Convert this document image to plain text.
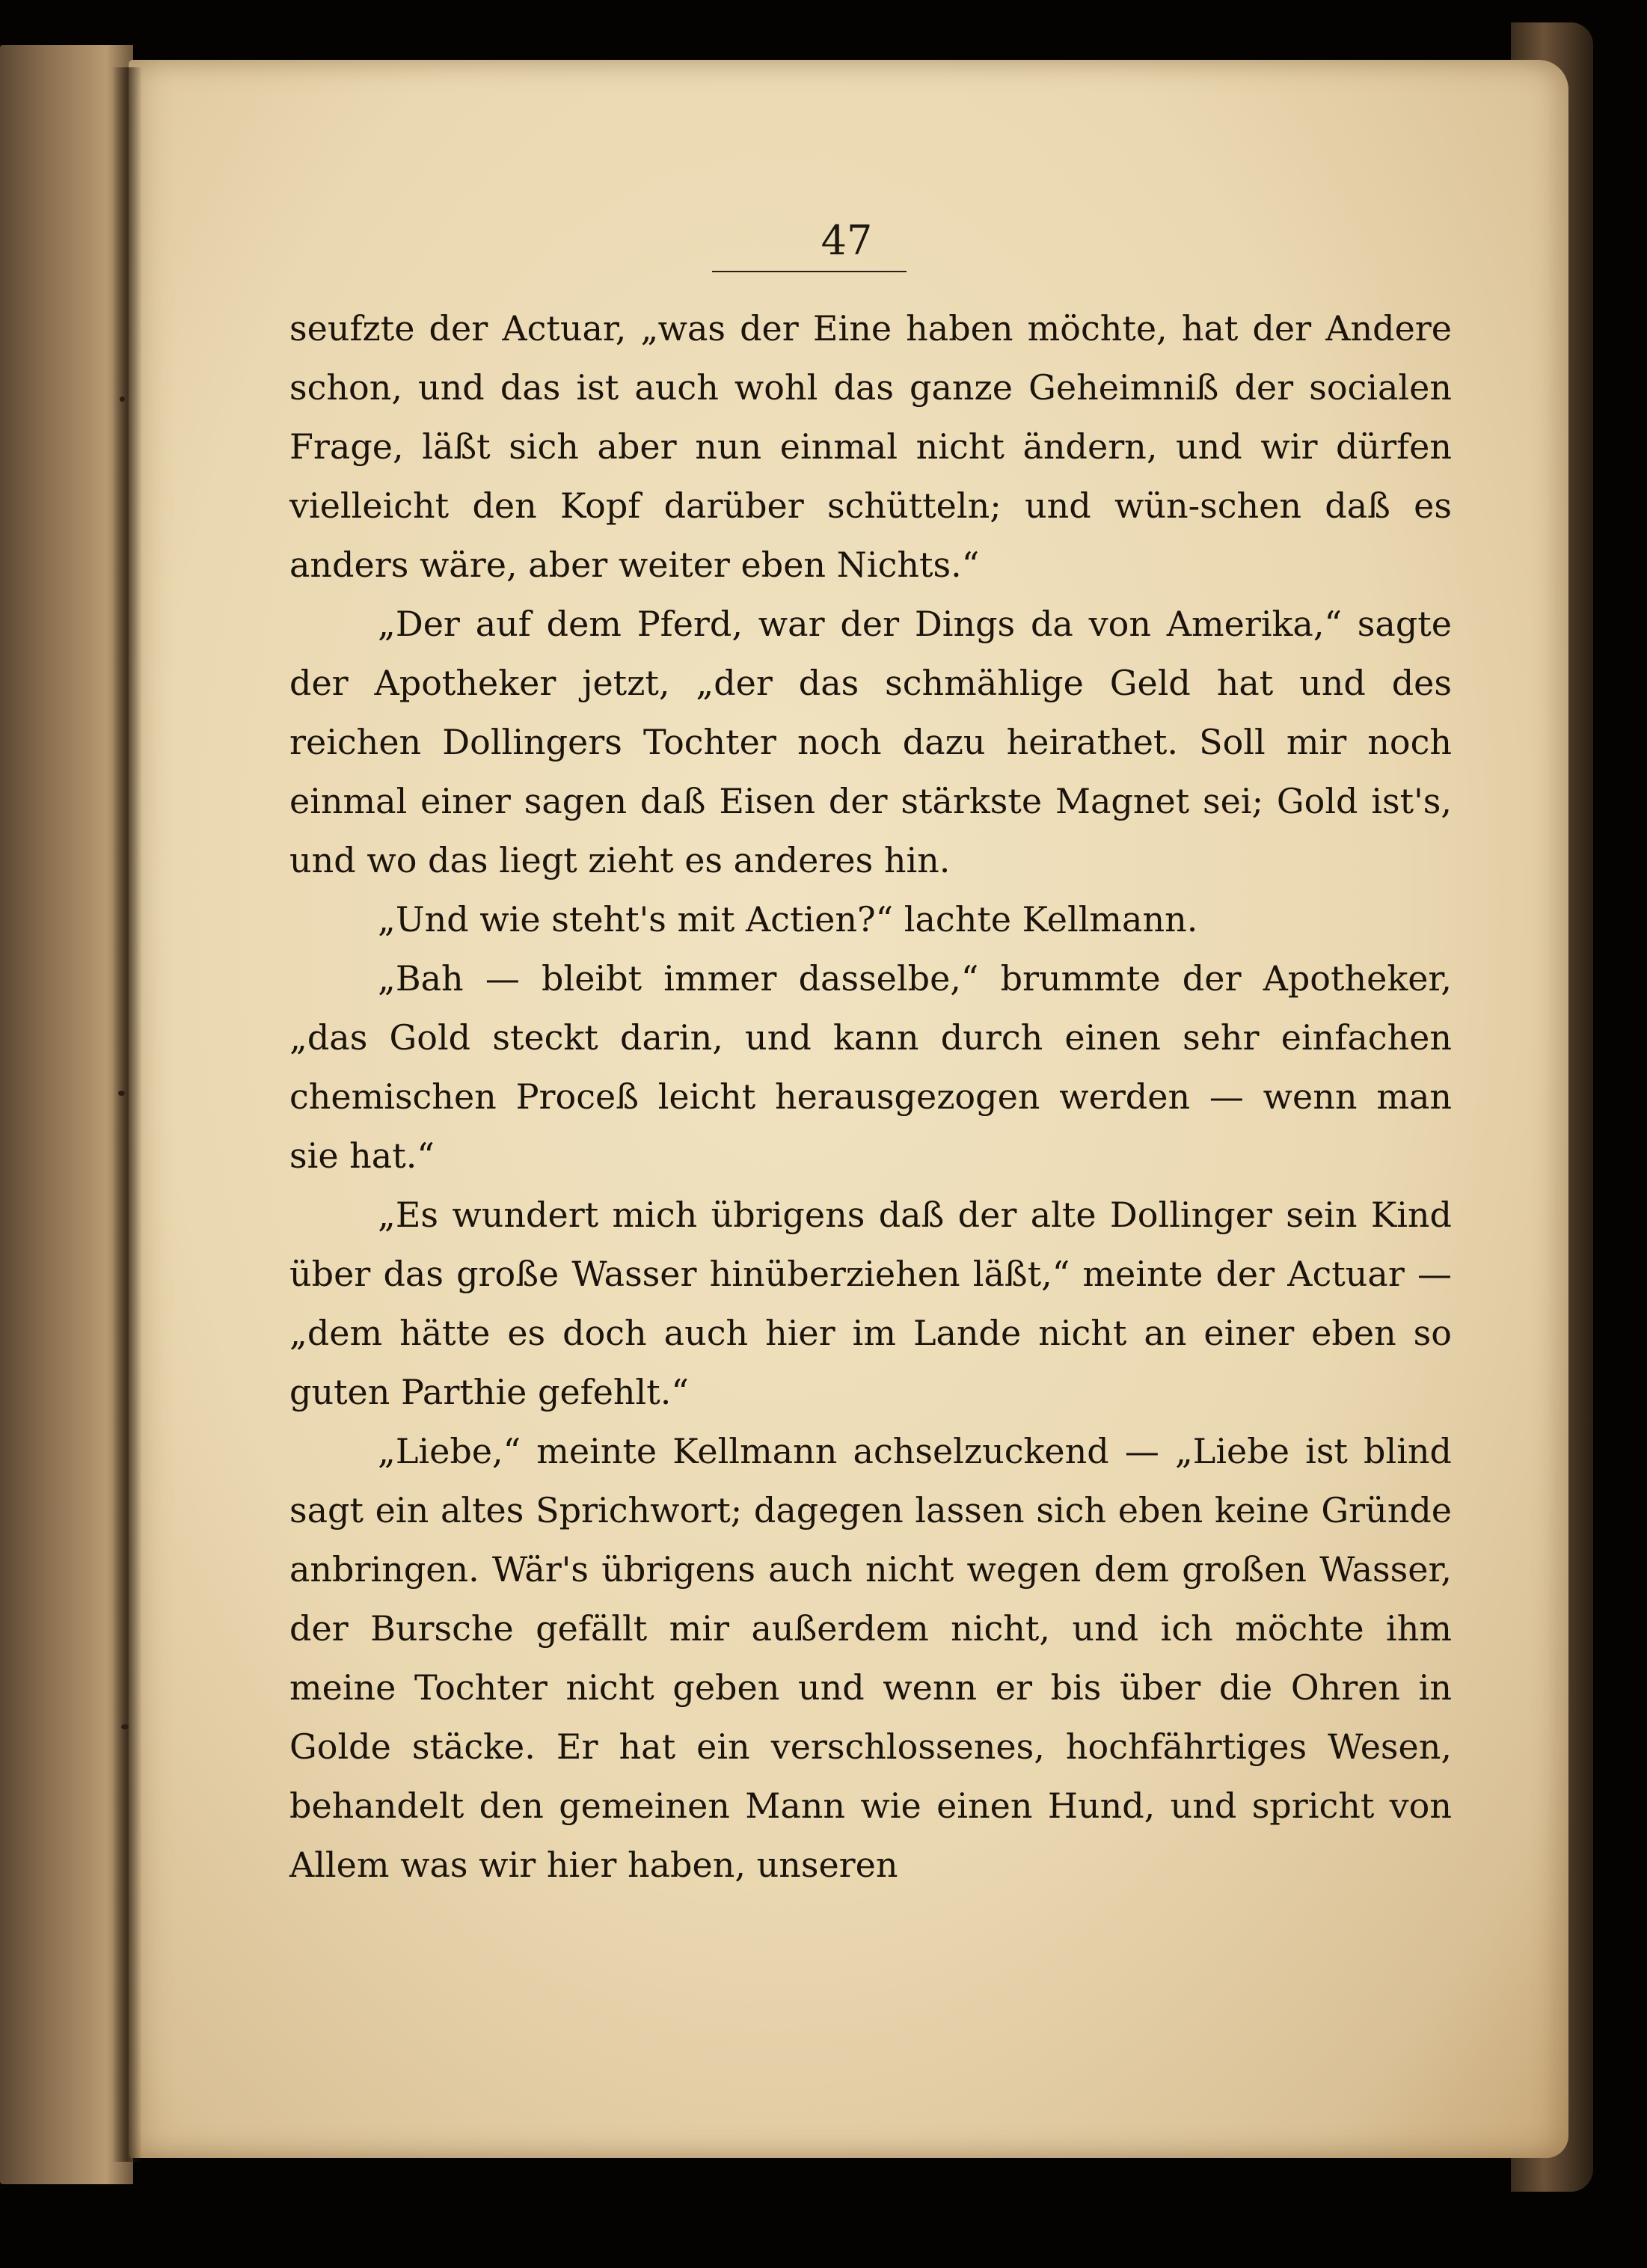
47

seufzte der Actuar, „was der Eine haben möchte, hat der Andere schon, und das ist auch wohl das ganze Geheimniß der socialen Frage, läßt sich aber nun einmal nicht ändern, und wir dürfen vielleicht den Kopf darüber schütteln; und wün-schen daß es anders wäre, aber weiter eben Nichts.“

„Der auf dem Pferd, war der Dings da von Amerika,“ sagte der Apotheker jetzt, „der das schmählige Geld hat und des reichen Dollingers Tochter noch dazu heirathet. Soll mir noch einmal einer sagen daß Eisen der stärkste Magnet sei; Gold ist's, und wo das liegt zieht es anderes hin.

„Und wie steht's mit Actien?“ lachte Kellmann.

„Bah — bleibt immer dasselbe,“ brummte der Apotheker, „das Gold steckt darin, und kann durch einen sehr einfachen chemischen Proceß leicht herausgezogen werden — wenn man sie hat.“

„Es wundert mich übrigens daß der alte Dollinger sein Kind über das große Wasser hinüberziehen läßt,“ meinte der Actuar — „dem hätte es doch auch hier im Lande nicht an einer eben so guten Parthie gefehlt.“

„Liebe,“ meinte Kellmann achselzuckend — „Liebe ist blind sagt ein altes Sprichwort; dagegen lassen sich eben keine Gründe anbringen. Wär's übrigens auch nicht wegen dem großen Wasser, der Bursche gefällt mir außerdem nicht, und ich möchte ihm meine Tochter nicht geben und wenn er bis über die Ohren in Golde stäcke. Er hat ein verschlossenes, hochfährtiges Wesen, behandelt den gemeinen Mann wie einen Hund, und spricht von Allem was wir hier haben, unseren
